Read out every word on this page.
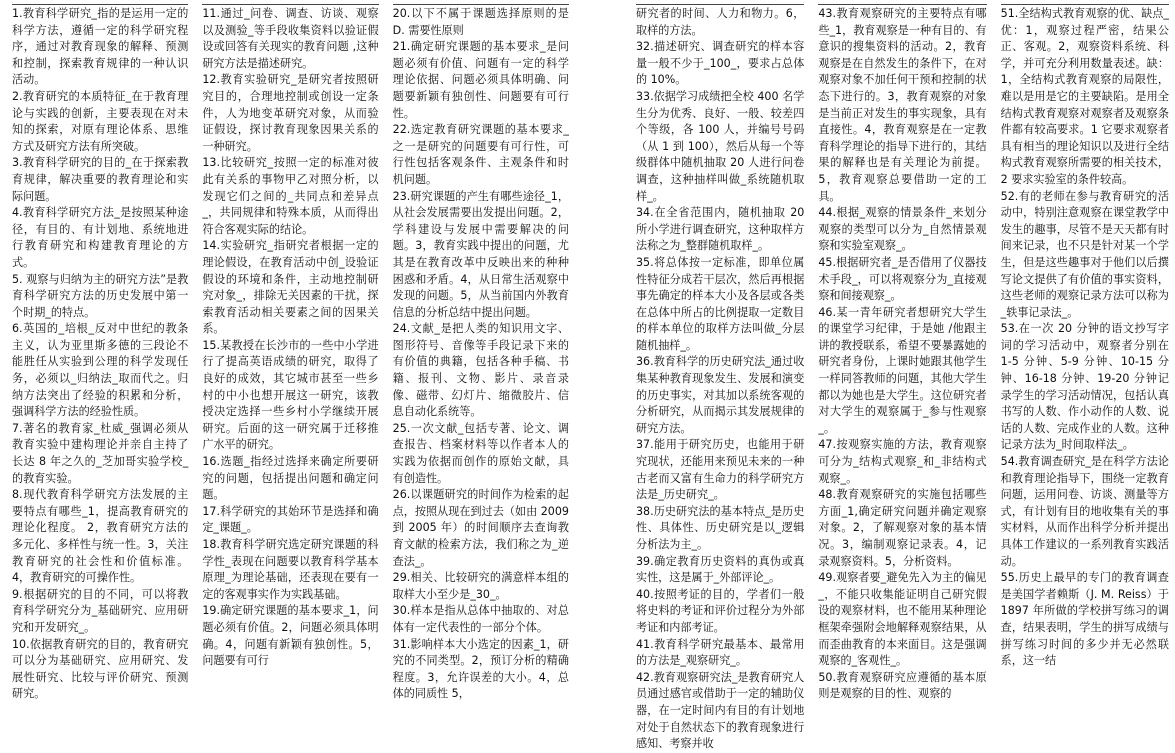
1.教育科学研究_指的是运用一定的科学方法，遵循一定的科学研究程序，通过对教育现象的解释、预测和控制，探索教育规律的一种认识活动。

2.教育研究的本质特征_在于教育理论与实践的创新，主要表现在对未知的探索，对原有理论体系、思维方式及研究方法有所突破。

3.教育科学研究的目的_在于探索教育规律，解决重要的教育理论和实际问题。

4.教育科学研究方法_是按照某种途径，有目的、有计划地、系统地进行教育研究和构建教育理论的方式。

5. 观察与归纳为主的研究方法”是教育科学研究方法的历史发展中第一个时期_的特点。

6.英国的_培根_反对中世纪的教条主义，认为亚里斯多德的三段论不能胜任从实验到公理的科学发现任务，必须以_归纳法_取而代之。归纳方法突出了经验的积累和分析，强调科学方法的经验性质。

7.著名的教育家_杜威_强调必须从教育实验中建构理论并亲自主持了长达 8 年之久的_芝加哥实验学校_的教育实验。

8.现代教育科学研究方法发展的主要特点有哪些_1，提高教育研究的理论化程度。 2，教育研究方法的多元化、多样性与统一性。3，关注教育研究的社会性和价值标准。 4，教育研究的可操作性。

9.根据研究的目的不同，可以将教育科学研究分为_基础研究、应用研究和开发研究_。

10.依据教育研究的目的，教育研究可以分为基础研究、应用研究、发展性研究、比较与评价研究、预测研究。

11.通过_问卷、调查、访谈、观察以及测验_等手段收集资料以验证假设或回答有关现实的教育问题 ,这种研究方法是描述研究。

12.教育实验研究_是研究者按照研究目的，合理地控制或创设一定条件，人为地变革研究对象，从而验证假设，探讨教育现象因果关系的一种研究。

13.比较研究_按照一定的标准对彼此有关系的事物甲乙对照分析，以发现它们之间的_共同点和差异点_，共同规律和特殊本质，从而得出符合客观实际的结论。

14.实验研究_指研究者根据一定的理论假设，在教育活动中创_设验证假设的环境和条件，主动地控制研究对象_，排除无关因素的干扰，探索教育活动相关要素之间的因果关系。

15.某教授在长沙市的一些中小学进行了提高英语成绩的研究，取得了良好的成效，其它城市甚至一些乡村的中小也想开展这一研究，该教授决定选择一些乡村小学继续开展研究。后面的这一研究属于迁移推广水平的研究。

16.选题_指经过选择来确定所要研究的问题，包括提出问题和确定问题。

17.科学研究的其始环节是选择和确定_课题_。

18.教育科学研究选定研究课题的科学性_表现在问题要以教育科学基本原理_为理论基础，还表现在要有一定的客观事实作为实践基础。

19.确定研究课题的基本要求_1，问题必须有价值。2，问题必须具体明确。4，问题有新颖有独创性。5，问题要有可行

20.以下不属于课题选择原则的是 D. 需要性原则

21.确定研究课题的基本要求_是问题必须有价值、问题有一定的科学理论依据、问题必须具体明确、问题要新颖有独创性、问题要有可行性。

22.选定教育研究课题的基本要求_之一是研究的问题要有可行性，可行性包括客观条件、主观条件和时机问题。

23.研究课题的产生有哪些途径_1，从社会发展需要出发提出问题。2，学科建设与发展中需要解决的问题。3，教育实践中提出的问题，尤其是在教育改革中反映出来的种种困惑和矛盾。4，从日常生活观察中发现的问题。5，从当前国内外教育信息的分析总结中提出问题。

24.文献_是把人类的知识用文字、图形符号、音像等手段记录下来的有价值的典籍，包括各种手稿、书籍、报刊、文物、影片、录音录像、磁带、幻灯片、缩微胶片、信息自动化系统等。

25.一次文献_包括专著、论文、调查报告、档案材料等以作者本人的实践为依据而创作的原始文献，具有创造性。

26.以课题研究的时间作为检索的起点，按照从现在到过去（如由 2009 到 2005 年）的时间顺序去查询教育文献的检索方法，我们称之为_逆查法_。

29.相关、比较研究的满意样本组的取样大小至少是_30_。

30.样本是指从总体中抽取的、对总体有一定代表性的一部分个体。

31.影响样本大小选定的因素_1，研究的不同类型。2，预订分析的精确程度。3，允许误差的大小。4，总体的同质性 5，

研究者的时间、人力和物力。6，取样的方法。

32.描述研究、调查研究的样本容量一般不少于_100_，要求占总体的 10%。

33.依据学习成绩把全校 400 名学生分为优秀、良好、一般、较差四个等级，各 100 人，并编号号码（从 1 到 100），然后从每一个等级群体中随机抽取 20 人进行问卷调查，这种抽样叫做_系统随机取样_。

34.在全省范围内，随机抽取 20 所小学进行调查研究，这种取样方法称之为_整群随机取样_。

35.将总体按一定标准，即单位属性特征分成若干层次，然后再根据事先确定的样本大小及各层或各类在总体中所占的比例提取一定数目的样本单位的取样方法叫做_分层随机抽样_。

36.教育科学的历史研究法_通过收集某种教育现象发生、发展和演变的历史事实，对其加以系统客观的分析研究，从而揭示其发展规律的研究方法。

37.能用于研究历史，也能用于研究现状，还能用来预见未来的一种古老而又富有生命力的科学研究方法是_历史研究_。

38.历史研究法的基本特点_是历史性、具体性、历史研究是以_逻辑分析法为主_。

39.确定教育历史资料的真伪或真实性，这是属于_外部评论_。

40.按照考证的目的，学者们一般将史料的考证和评价过程分为外部考证和内部考证。

41.教育科学研究最基本、最常用的方法是_观察研究_。

42.教育观察研究法_是教育研究人员通过感官或借助于一定的辅助仪器，在一定时间内有目的有计划地对处于自然状态下的教育现象进行感知、考察并收

43.教育观察研究的主要特点有哪些_1，教育观察是一种有目的、有意识的搜集资料的活动。2，教育观察是在自然发生的条件下，在对观察对象不加任何干预和控制的状态下进行的。3，教育观察的对象是当前正对发生的事实现象，具有直接性。4，教育观察是在一定教育科学理论的指导下进行的，其结果的解释也是有关理论为前提。5，教育观察总要借助一定的工具。

44.根据_观察的情景条件_来划分观察的类型可以分为_自然情景观察和实验室观察_。

45.根据研究者_是否借用了仪器技术手段_，可以将观察分为_直接观察和间接观察_。

46.某一青年研究者想研究大学生的课堂学习纪律，于是她 /他跟主讲的教授联系，希望不要暴露她的研究者身份，上课时她跟其他学生一样同答教师的问题，其他大学生都以为她也是大学生。这位研究者对大学生的观察属于_参与性观察_。

47.按观察实施的方法，教育观察可分为_结构式观察_和_非结构式观察_。

48.教育观察研究的实施包括哪些方面_1,确定研究问题并确定观察对象。2，了解观察对象的基本情况。3，编制观察记录表。4，记录观察资料。5，分析资料。

49.观察者要_避免先入为主的偏见_，不能只收集能证明自己研究假设的观察材料，也不能用某种理论框架牵强附会地解释观察结果，从而歪曲教育的本来面目。这是强调观察的_客观性_。

50.教育观察研究应遵循的基本原则是观察的目的性、观察的

51.全结构式教育观察的优、缺点_优：1，观察过程严密，结果公正、客观。2，观察资料系统、科学，并可充分利用数量表述。缺：1，全结构式教育观察的局限性，难以是用是它的主要缺陷。是用全结构式教育观察对观察者及观察条件都有较高要求。1 它要求观察者具有相当的理论知识以及进行全结构式教育观察所需要的相关技术，2 要求实验室的条件较高。

52.有的老师在参与教育研究的活动中，特别注意观察在课堂教学中发生的趣事，尽管不是天天都有时间来记录，也不只是针对某一个学生，但是这些趣事对于他们以后撰写论文提供了有价值的事实资料，这些老师的观察记录方法可以称为_轶事记录法_。

53.在一次 20 分钟的语文抄写字词的学习活动中，观察者分别在 1-5 分钟、5-9 分钟、10-15 分钟、16-18 分钟、19-20 分钟记录学生的学习活动情况，包括认真书写的人数、作小动作的人数、说话的人数、完成作业的人数。这种记录方法为_时间取样法_。

54.教育调查研究_是在科学方法论和教育理论指导下，围绕一定教育问题，运用问卷、访谈、测量等方式，有计划有目的地收集有关的事实材料，从而作出科学分析并提出具体工作建议的一系列教育实践活动。

55.历史上最早的专门的教育调查是美国学者赖斯（J. M. Reiss）于 1897 年所做的学校拼写练习的调查，结果表明，学生的拼写成绩与拼写练习时间的多少并无必然联系，这一结
